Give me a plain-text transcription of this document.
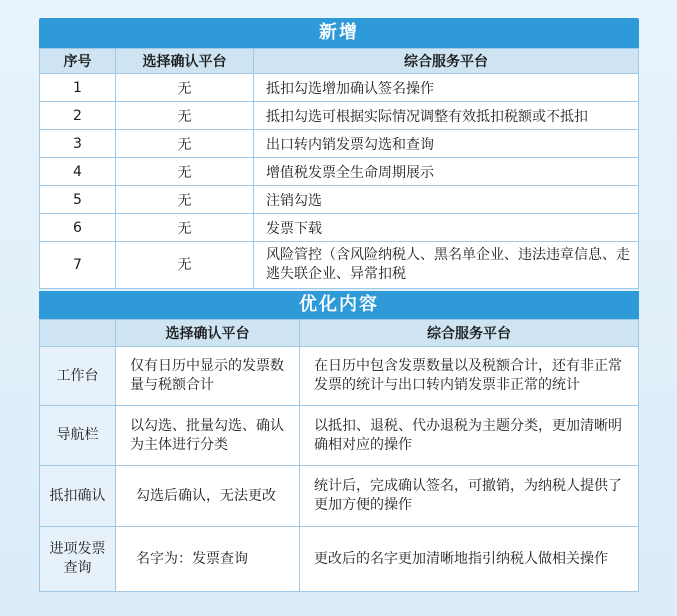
新增
序号	选择确认平台	综合服务平台
1	无	抵扣勾选增加确认签名操作
2	无	抵扣勾选可根据实际情况调整有效抵扣税额或不抵扣
3	无	出口转内销发票勾选和查询
4	无	增值税发票全生命周期展示
5	无	注销勾选
6	无	发票下载
7	无	风险管控（含风险纳税人、黑名单企业、违法违章信息、走逃失联企业、异常扣税
优化内容
	选择确认平台	综合服务平台
工作台	仅有日历中显示的发票数量与税额合计	在日历中包含发票数量以及税额合计，还有非正常发票的统计与出口转内销发票非正常的统计
导航栏	以勾选、批量勾选、确认为主体进行分类	以抵扣、退税、代办退税为主题分类，更加清晰明确相对应的操作
抵扣确认	勾选后确认，无法更改	统计后，完成确认签名，可撤销，为纳税人提供了更加方便的操作
进项发票查询	名字为：发票查询	更改后的名字更加清晰地指引纳税人做相关操作
